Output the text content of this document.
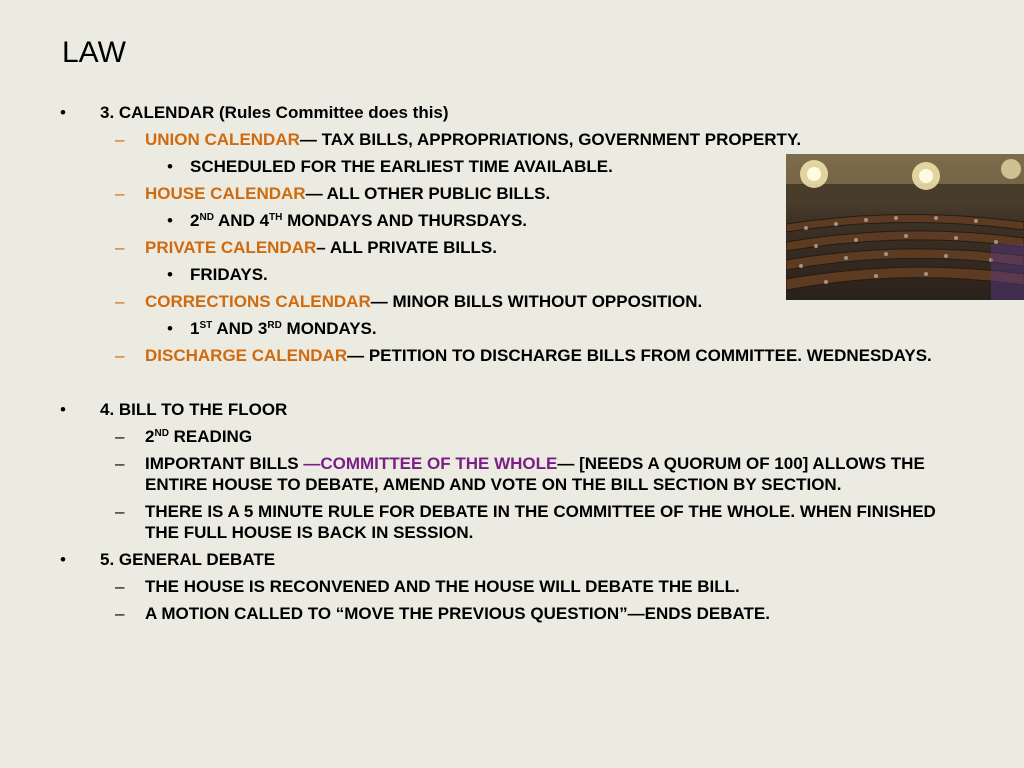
LAW
• 3. CALENDAR (Rules Committee does this)
– UNION CALENDAR— TAX BILLS, APPROPRIATIONS, GOVERNMENT PROPERTY.
• SCHEDULED FOR THE EARLIEST TIME AVAILABLE.
– HOUSE CALENDAR— ALL OTHER PUBLIC BILLS.
• 2ND AND 4TH MONDAYS AND THURSDAYS.
– PRIVATE CALENDAR– ALL PRIVATE BILLS.
• FRIDAYS.
– CORRECTIONS CALENDAR— MINOR BILLS WITHOUT OPPOSITION.
• 1ST AND 3RD MONDAYS.
– DISCHARGE CALENDAR— PETITION TO DISCHARGE BILLS FROM COMMITTEE. WEDNESDAYS.
• 4. BILL TO THE FLOOR
– 2ND READING
– IMPORTANT BILLS —COMMITTEE OF THE WHOLE— [NEEDS A QUORUM OF 100] ALLOWS THE ENTIRE HOUSE TO DEBATE, AMEND AND VOTE ON THE BILL SECTION BY SECTION.
– THERE IS A 5 MINUTE RULE FOR DEBATE IN THE COMMITTEE OF THE WHOLE. WHEN FINISHED THE FULL HOUSE IS BACK IN SESSION.
• 5. GENERAL DEBATE
– THE HOUSE IS RECONVENED AND THE HOUSE WILL DEBATE THE BILL.
– A MOTION CALLED TO “MOVE THE PREVIOUS QUESTION”—ENDS DEBATE.
